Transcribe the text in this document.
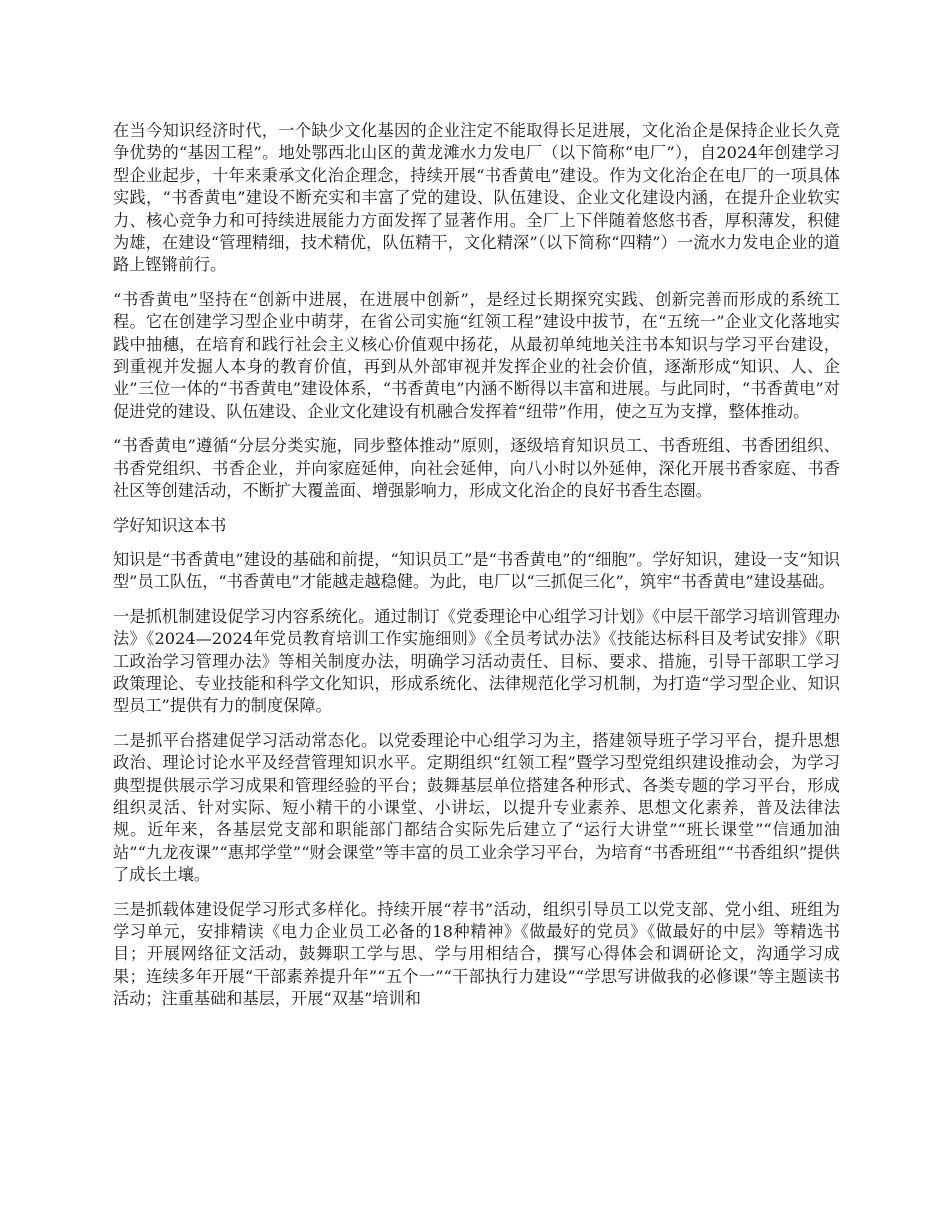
在当今知识经济时代，一个缺少文化基因的企业注定不能取得长足进展，文化治企是保持企业长久竞争优势的“基因工程”。地处鄂西北山区的黄龙滩水力发电厂（以下简称“电厂”），自2024年创建学习型企业起步，十年来秉承文化治企理念，持续开展“书香黄电”建设。作为文化治企在电厂的一项具体实践，“书香黄电”建设不断充实和丰富了党的建设、队伍建设、企业文化建设内涵，在提升企业软实力、核心竞争力和可持续进展能力方面发挥了显著作用。全厂上下伴随着悠悠书香，厚积薄发，积健为雄，在建设“管理精细，技术精优，队伍精干，文化精深”（以下简称“四精”）一流水力发电企业的道路上铿锵前行。

“书香黄电”坚持在“创新中进展，在进展中创新”，是经过长期探究实践、创新完善而形成的系统工程。它在创建学习型企业中萌芽，在省公司实施“红领工程”建设中拔节，在“五统一”企业文化落地实践中抽穗，在培育和践行社会主义核心价值观中扬花，从最初单纯地关注书本知识与学习平台建设，到重视并发掘人本身的教育价值，再到从外部审视并发挥企业的社会价值，逐渐形成“知识、人、企业”三位一体的“书香黄电”建设体系，“书香黄电”内涵不断得以丰富和进展。与此同时，“书香黄电”对促进党的建设、队伍建设、企业文化建设有机融合发挥着“纽带”作用，使之互为支撑，整体推动。

“书香黄电”遵循“分层分类实施，同步整体推动”原则，逐级培育知识员工、书香班组、书香团组织、书香党组织、书香企业，并向家庭延伸，向社会延伸，向八小时以外延伸，深化开展书香家庭、书香社区等创建活动，不断扩大覆盖面、增强影响力，形成文化治企的良好书香生态圈。

学好知识这本书

知识是“书香黄电”建设的基础和前提，“知识员工”是“书香黄电”的“细胞”。学好知识，建设一支“知识型”员工队伍，“书香黄电”才能越走越稳健。为此，电厂以“三抓促三化”，筑牢“书香黄电”建设基础。

一是抓机制建设促学习内容系统化。通过制订《党委理论中心组学习计划》《中层干部学习培训管理办法》《2024—2024年党员教育培训工作实施细则》《全员考试办法》《技能达标科目及考试安排》《职工政治学习管理办法》等相关制度办法，明确学习活动责任、目标、要求、措施，引导干部职工学习政策理论、专业技能和科学文化知识，形成系统化、法律规范化学习机制，为打造“学习型企业、知识型员工”提供有力的制度保障。

二是抓平台搭建促学习活动常态化。以党委理论中心组学习为主，搭建领导班子学习平台，提升思想政治、理论讨论水平及经营管理知识水平。定期组织“红领工程”暨学习型党组织建设推动会，为学习典型提供展示学习成果和管理经验的平台；鼓舞基层单位搭建各种形式、各类专题的学习平台，形成组织灵活、针对实际、短小精干的小课堂、小讲坛，以提升专业素养、思想文化素养，普及法律法规。近年来，各基层党支部和职能部门都结合实际先后建立了“运行大讲堂”“班长课堂”“信通加油站”“九龙夜课”“惠邦学堂”“财会课堂”等丰富的员工业余学习平台，为培育“书香班组”“书香组织”提供了成长土壤。

三是抓载体建设促学习形式多样化。持续开展“荐书”活动，组织引导员工以党支部、党小组、班组为学习单元，安排精读《电力企业员工必备的18种精神》《做最好的党员》《做最好的中层》等精选书目；开展网络征文活动，鼓舞职工学与思、学与用相结合，撰写心得体会和调研论文，沟通学习成果；连续多年开展“干部素养提升年”“五个一”“干部执行力建设”“学思写讲做我的必修课”等主题读书活动；注重基础和基层，开展“双基”培训和
